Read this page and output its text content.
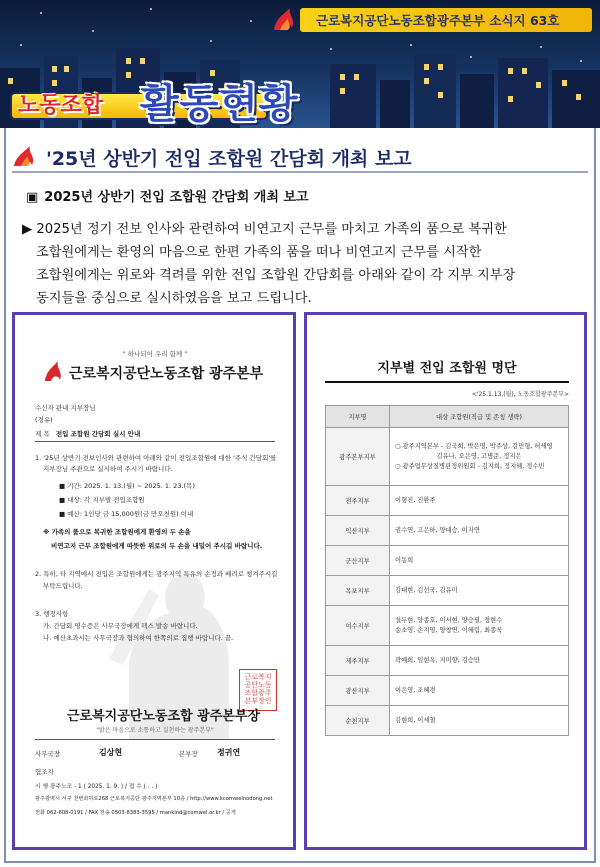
근로복지공단노동조합광주본부 소식지 63호
노동조합 활동현황
'25년 상반기 전입 조합원 간담회 개최 보고
▣ 2025년 상반기 전입 조합원 간담회 개최 보고
▶ 2025년 정기 전보 인사와 관련하여 비연고지 근무를 마치고 가족의 품으로 복귀한
조합원에게는 환영의 마음으로 한편 가족의 품을 떠나 비연고지 근무를 시작한
조합원에게는 위로와 격려를 위한 전입 조합원 간담회를 아래와 같이 각 지부 지부장
동지들을 중심으로 실시하였음을 보고 드립니다.
" 하나되어 우리 함께 "
근로복지공단노동조합 광주본부
수신자 관내 지부장님
(경유)
제 목 전입 조합원 간담회 실시 안내
1. '25년 상반기 전보인사와 관련하여 아래와 같이 전입조합원에 대한 '주식 간담회'를
지부장님 주관으로 실시하여 주시기 바랍니다.
■ 기간: 2025. 1. 13.(월) ~ 2025. 1. 23.(목)
■ 대상: 각 지부별 전입조합원
■ 예산: 1인당 금 15,000원(금 만오천원) 이내
※ 가족의 품으로 복귀한 조합원에게 환영의 두 손을
비연고지 근무 조합원에게 따뜻한 위로의 두 손을 내밀어 주시길 바랍니다.
2. 특히, 타 지역에서 전입은 조합원에게는 광주지역 특유의 손정과 배려로 챙겨주시길
부탁드립니다.
3. 행정사항
가. 간담회 영수증은 사무국장에게 팩스 발송 바랍니다.
나. 예산초과시는 사무국장과 협의하여 한쪽의로 집행 바랍니다. 끝.
근로복지
공단노동
조합광주
본부장인
근로복지공단노동조합 광주본부장
"밝은 마음으로 소통하고 실천하는 광주본부"
사무국장	김상현	본부장 정귀연
협조자
시 행 광주노조 - 1 ( 2025. 1. 9. ) / 접 수 ( . . )
광주광역시 서구 천변좌하로268 근로복지공단 광주지역본부 10층 / http://www.kcomwelnodong.net
전화 062-608-0191 / FAX 전송 0503-8383-3595 / mankind@comwel.or.kr / 공개
지부별 전입 조합원 명단
<'25.1.13.(월), 노동조합광주본부>
지부명	대상 조합원(직급 및 존칭 생략)
광주본부지부	○ 광주지역본부 - 김국희, 박은명, 박주상, 김민형, 허세영
김유나, 오은영, 고병준, 정지은
○ 광주업무상질병판정위원회 - 김지희, 정지혜, 정수빈

전주지부	이형진, 진환주

익산지부	권수연, 고은하, 양대승, 이자연

군산지부	이동희

목포지부	김대현, 김선국, 김유미

여수지부	설두현, 양종호, 이서현, 양승필, 정현수
송소영, 손지영, 양창연, 이혜림, 최종욱

제주지부	곽예희, 임현옥, 지미향, 김승만

광산지부	이은영, 조혜경

순천지부	김현희, 이세철
